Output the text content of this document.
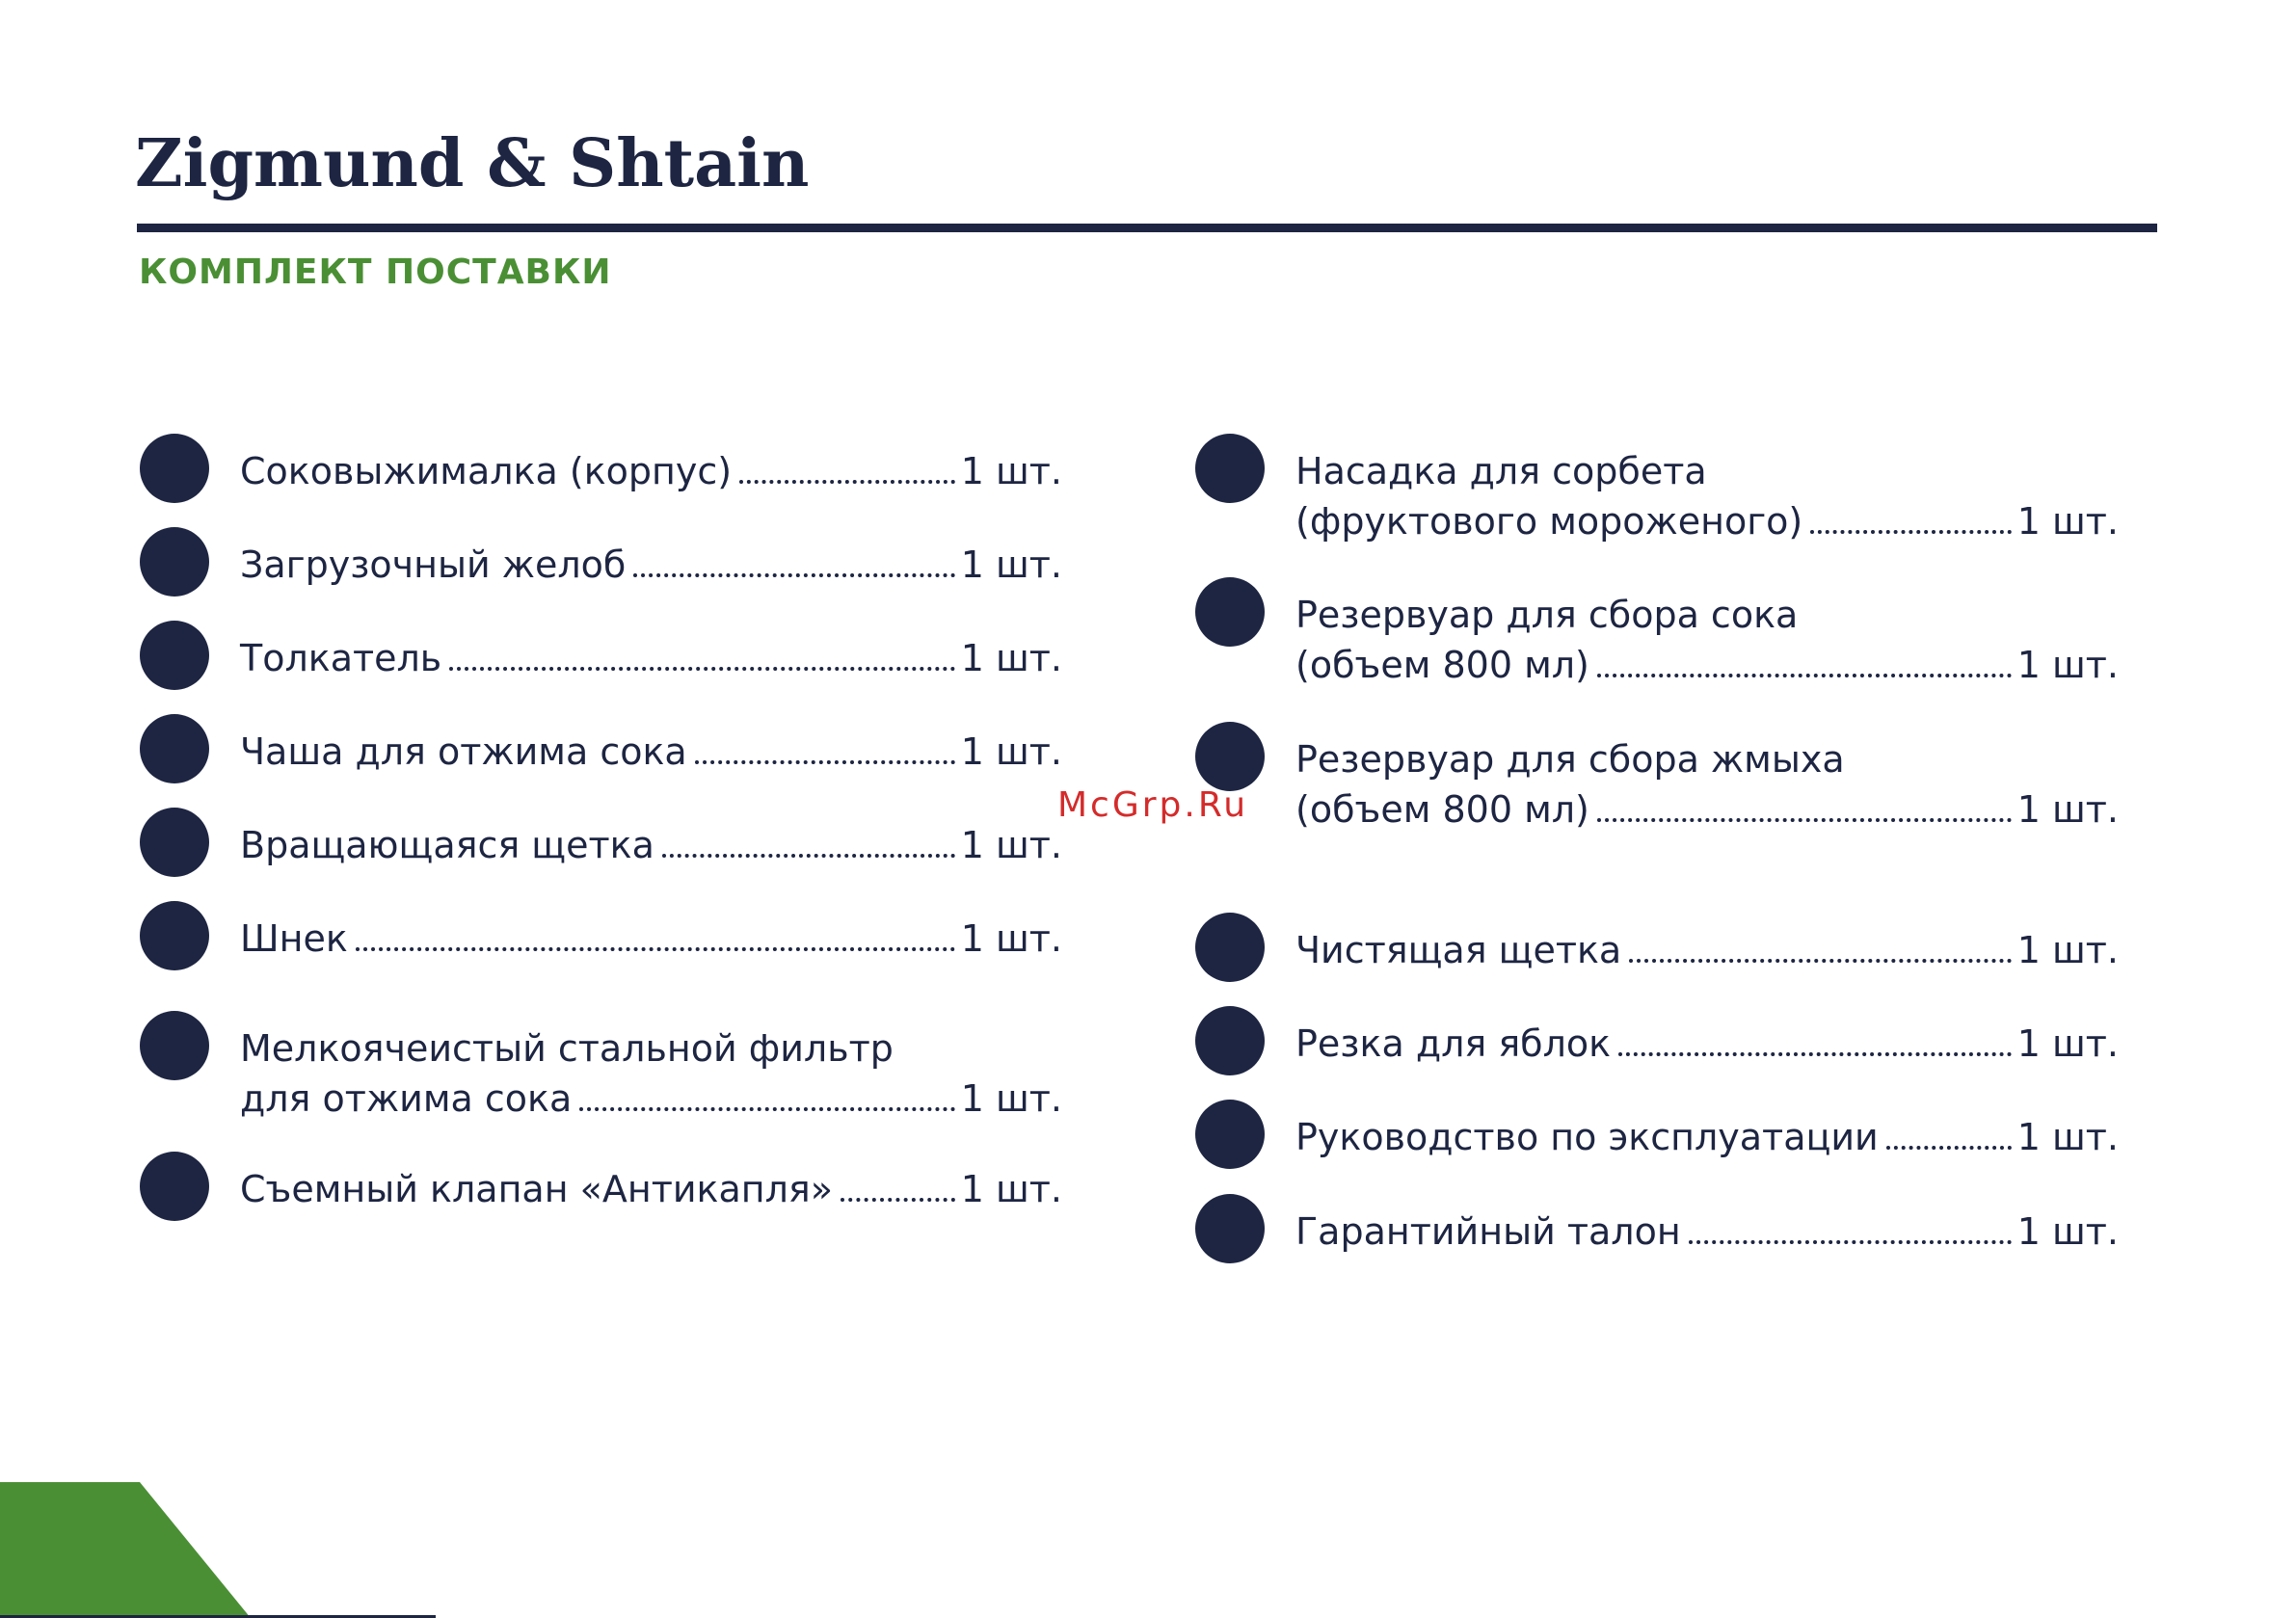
Zigmund & Shtain
КОМПЛЕКТ ПОСТАВКИ
Соковыжималка (корпус)	1 шт.
Загрузочный желоб	1 шт.
Толкатель	1 шт.
Чаша для отжима сока	1 шт.
Вращающаяся щетка	1 шт.
Шнек	1 шт.
Мелкоячеистый стальной фильтр
для отжима сока	1 шт.
Съемный клапан «Антикапля»	1 шт.
Насадка для сорбета
(фруктового мороженого)	1 шт.
Резервуар для сбора сока
(объем 800 мл)	1 шт.
Резервуар для сбора жмыха
(объем 800 мл)	1 шт.
Чистящая щетка	1 шт.
Резка для яблок	1 шт.
Руководство по эксплуатации	1 шт.
Гарантийный талон	1 шт.
McGrp.Ru
